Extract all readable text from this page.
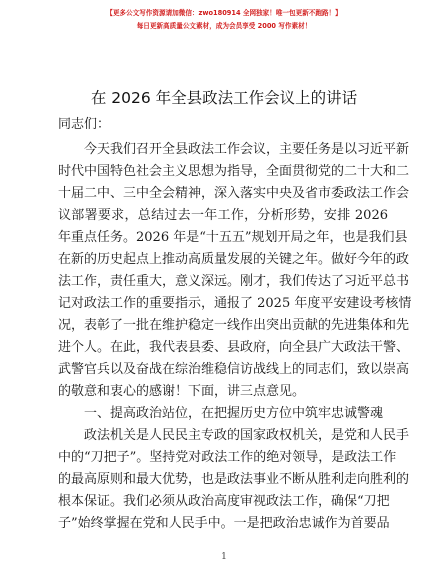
【更多公文写作资源请加微信：zwo180914 全网独家！唯一包更新不跑路！】
每日更新高质量公文素材，成为会员享受 2000 写作素材！
在 2026 年全县政法工作会议上的讲话
同志们：
今天我们召开全县政法工作会议，主要任务是以习近平新
时代中国特色社会主义思想为指导，全面贯彻党的二十大和二
十届二中、三中全会精神，深入落实中央及省市委政法工作会
议部署要求，总结过去一年工作，分析形势，安排 2026
年重点任务。2026 年是“十五五”规划开局之年，也是我们县
在新的历史起点上推动高质量发展的关键之年。做好今年的政
法工作，责任重大，意义深远。刚才，我们传达了习近平总书
记对政法工作的重要指示，通报了 2025 年度平安建设考核情
况，表彰了一批在维护稳定一线作出突出贡献的先进集体和先
进个人。在此，我代表县委、县政府，向全县广大政法干警、
武警官兵以及奋战在综治维稳信访战线上的同志们，致以崇高
的敬意和衷心的感谢！下面，讲三点意见。
一、提高政治站位，在把握历史方位中筑牢忠诚警魂
政法机关是人民民主专政的国家政权机关，是党和人民手
中的“刀把子”。坚持党对政法工作的绝对领导，是政法工作
的最高原则和最大优势，也是政法事业不断从胜利走向胜利的
根本保证。我们必须从政治高度审视政法工作，确保“刀把
子”始终掌握在党和人民手中。一是把政治忠诚作为首要品
1
